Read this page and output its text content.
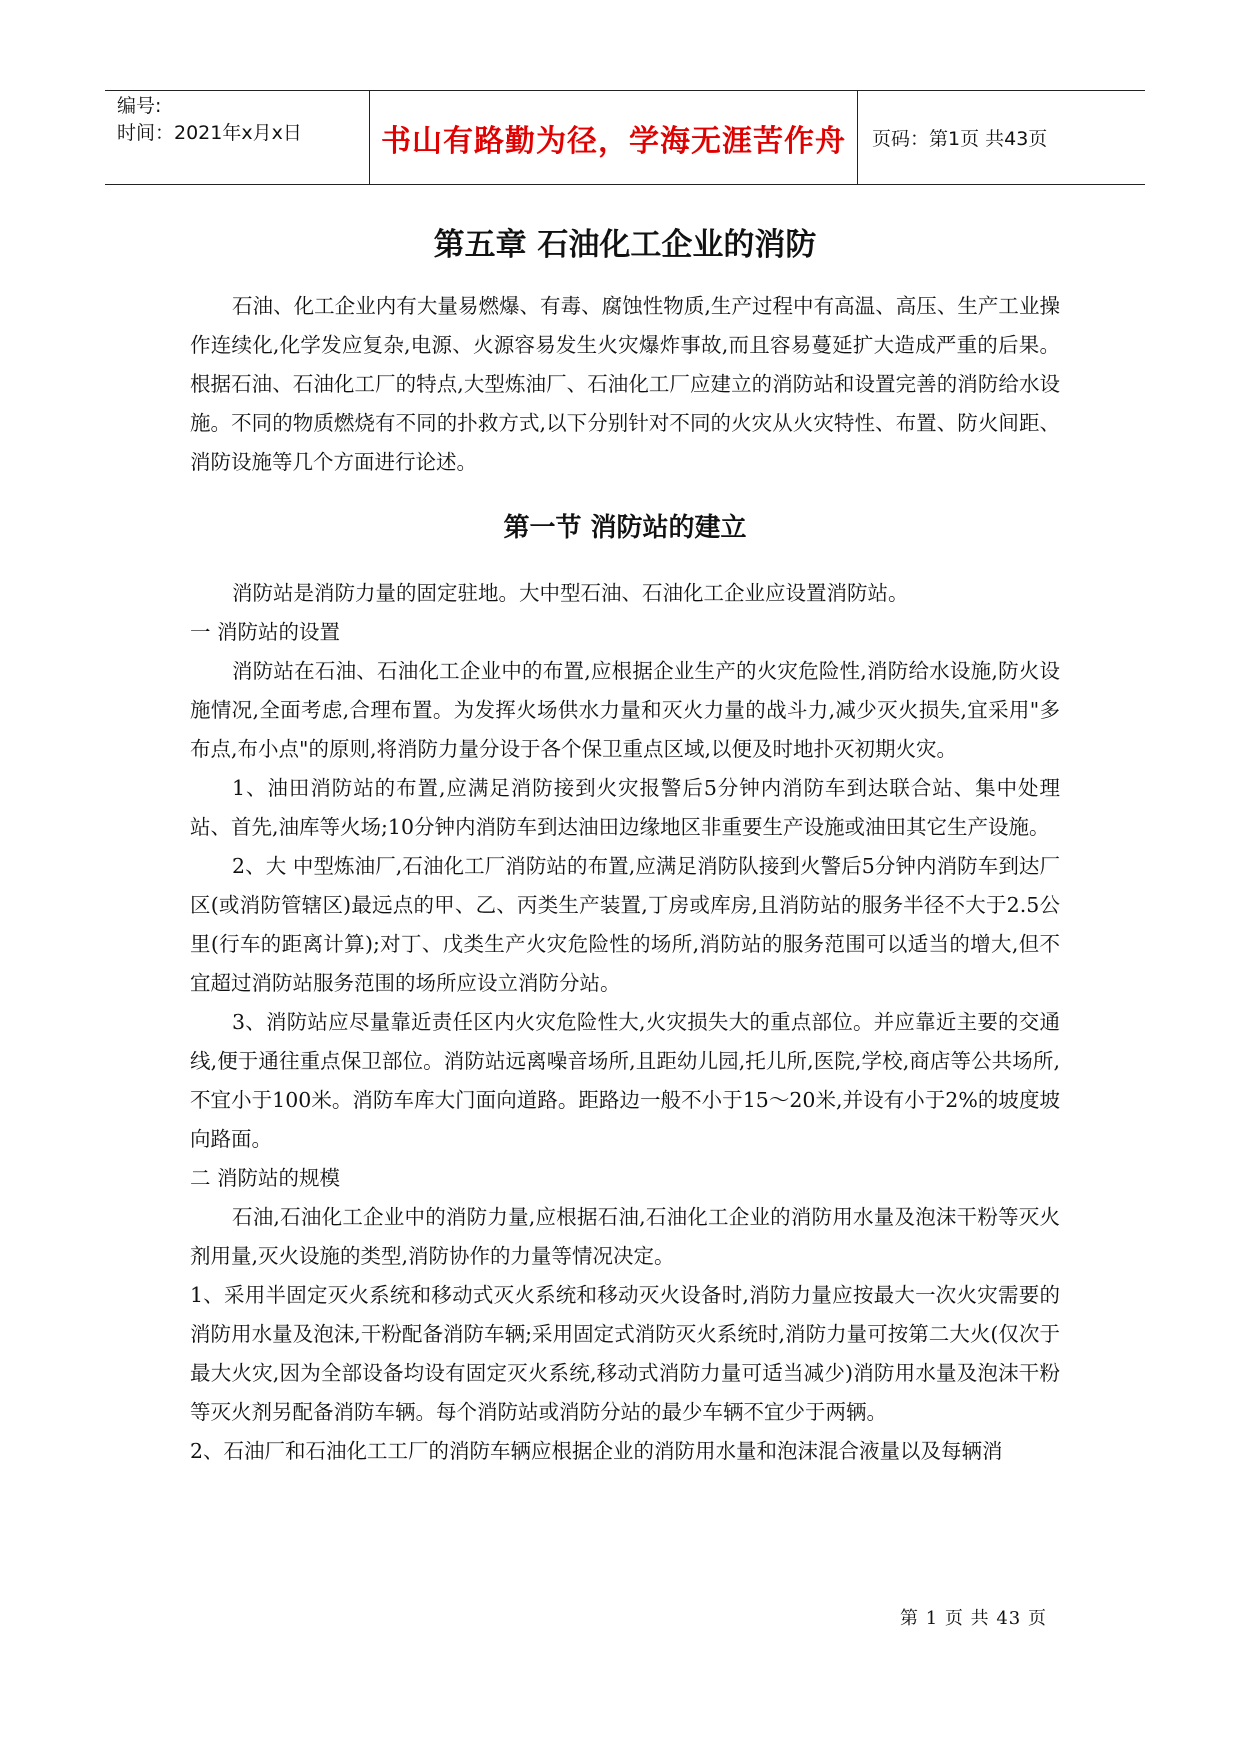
编号:
时间：2021年x月x日	书山有路勤为径，学海无涯苦作舟	页码：第1页 共43页
第五章 石油化工企业的消防

石油、化工企业内有大量易燃爆、有毒、腐蚀性物质,生产过程中有高温、高压、生产工业操作连续化,化学发应复杂,电源、火源容易发生火灾爆炸事故,而且容易蔓延扩大造成严重的后果。根据石油、石油化工厂的特点,大型炼油厂、石油化工厂应建立的消防站和设置完善的消防给水设施。不同的物质燃烧有不同的扑救方式,以下分别针对不同的火灾从火灾特性、布置、防火间距、消防设施等几个方面进行论述。

第一节 消防站的建立

消防站是消防力量的固定驻地。大中型石油、石油化工企业应设置消防站。

一 消防站的设置

消防站在石油、石油化工企业中的布置,应根据企业生产的火灾危险性,消防给水设施,防火设施情况,全面考虑,合理布置。为发挥火场供水力量和灭火力量的战斗力,减少灭火损失,宜采用"多布点,布小点"的原则,将消防力量分设于各个保卫重点区域,以便及时地扑灭初期火灾。

1、油田消防站的布置,应满足消防接到火灾报警后5分钟内消防车到达联合站、集中处理站、首先,油库等火场;10分钟内消防车到达油田边缘地区非重要生产设施或油田其它生产设施。

2、大 中型炼油厂,石油化工厂消防站的布置,应满足消防队接到火警后5分钟内消防车到达厂区(或消防管辖区)最远点的甲、乙、丙类生产装置,丁房或库房,且消防站的服务半径不大于2.5公里(行车的距离计算);对丁、戊类生产火灾危险性的场所,消防站的服务范围可以适当的增大,但不宜超过消防站服务范围的场所应设立消防分站。

3、消防站应尽量靠近责任区内火灾危险性大,火灾损失大的重点部位。并应靠近主要的交通线,便于通往重点保卫部位。消防站远离噪音场所,且距幼儿园,托儿所,医院,学校,商店等公共场所,不宜小于100米。消防车库大门面向道路。距路边一般不小于15～20米,并设有小于2%的坡度坡向路面。

二 消防站的规模

石油,石油化工企业中的消防力量,应根据石油,石油化工企业的消防用水量及泡沫干粉等灭火剂用量,灭火设施的类型,消防协作的力量等情况决定。

1、采用半固定灭火系统和移动式灭火系统和移动灭火设备时,消防力量应按最大一次火灾需要的消防用水量及泡沫,干粉配备消防车辆;采用固定式消防灭火系统时,消防力量可按第二大火(仅次于最大火灾,因为全部设备均设有固定灭火系统,移动式消防力量可适当减少)消防用水量及泡沫干粉等灭火剂另配备消防车辆。每个消防站或消防分站的最少车辆不宜少于两辆。

2、石油厂和石油化工工厂的消防车辆应根据企业的消防用水量和泡沫混合液量以及每辆消

第 1 页 共 43 页
